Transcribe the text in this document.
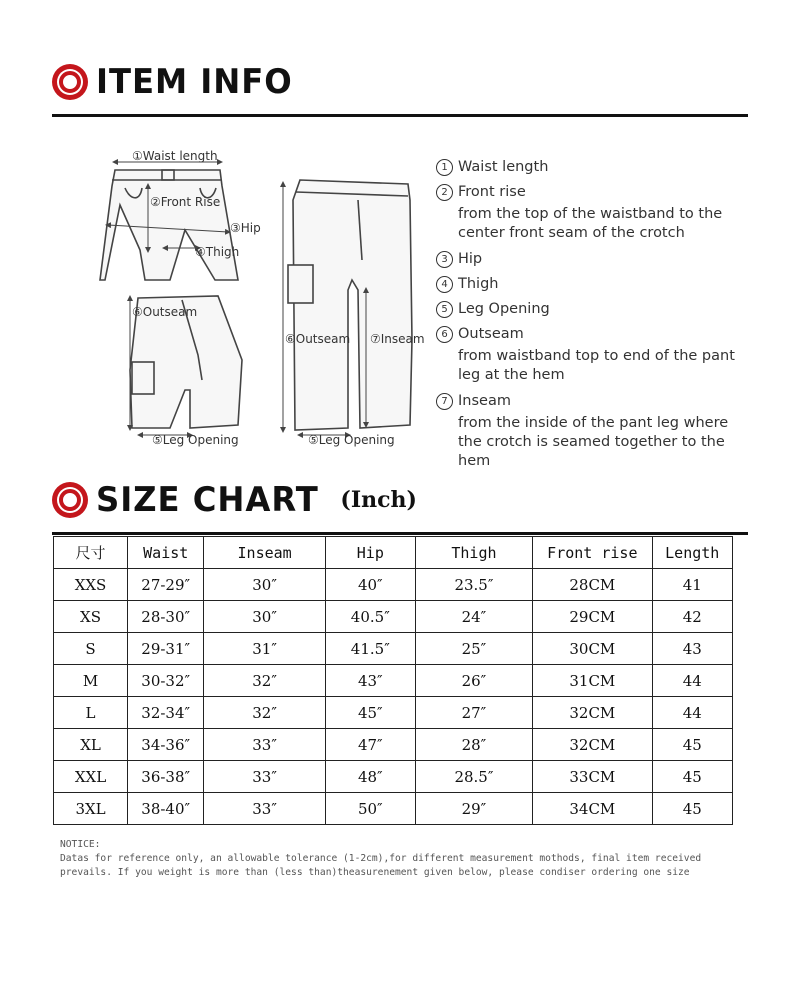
ITEM INFO
①Waist length
②Front Rise
③Hip
④Thigh
⑥Outseam
⑤Leg Opening
⑥Outseam ⑦Inseam
⑤Leg Opening
1 Waist length
2 Front rise
from the top of the waistband to the center front seam of the crotch
3 Hip
4 Thigh
5 Leg Opening
6 Outseam
from waistband top to end of the pant leg at the hem
7 Inseam
from the inside of the pant leg where the crotch is seamed together to the hem
SIZE CHART (Inch)
尺寸	Waist	Inseam	Hip	Thigh	Front rise	Length
XXS	27-29″	30″	40″	23.5″	28CM	41
XS	28-30″	30″	40.5″	24″	29CM	42
S	29-31″	31″	41.5″	25″	30CM	43
M	30-32″	32″	43″	26″	31CM	44
L	32-34″	32″	45″	27″	32CM	44
XL	34-36″	33″	47″	28″	32CM	45
XXL	36-38″	33″	48″	28.5″	33CM	45
3XL	38-40″	33″	50″	29″	34CM	45
NOTICE:
Datas for reference only, an allowable tolerance (1-2cm),for different measurement mothods, final item received
prevails. If you weight is more than (less than)theasurenement given below, please condiser ordering one size
